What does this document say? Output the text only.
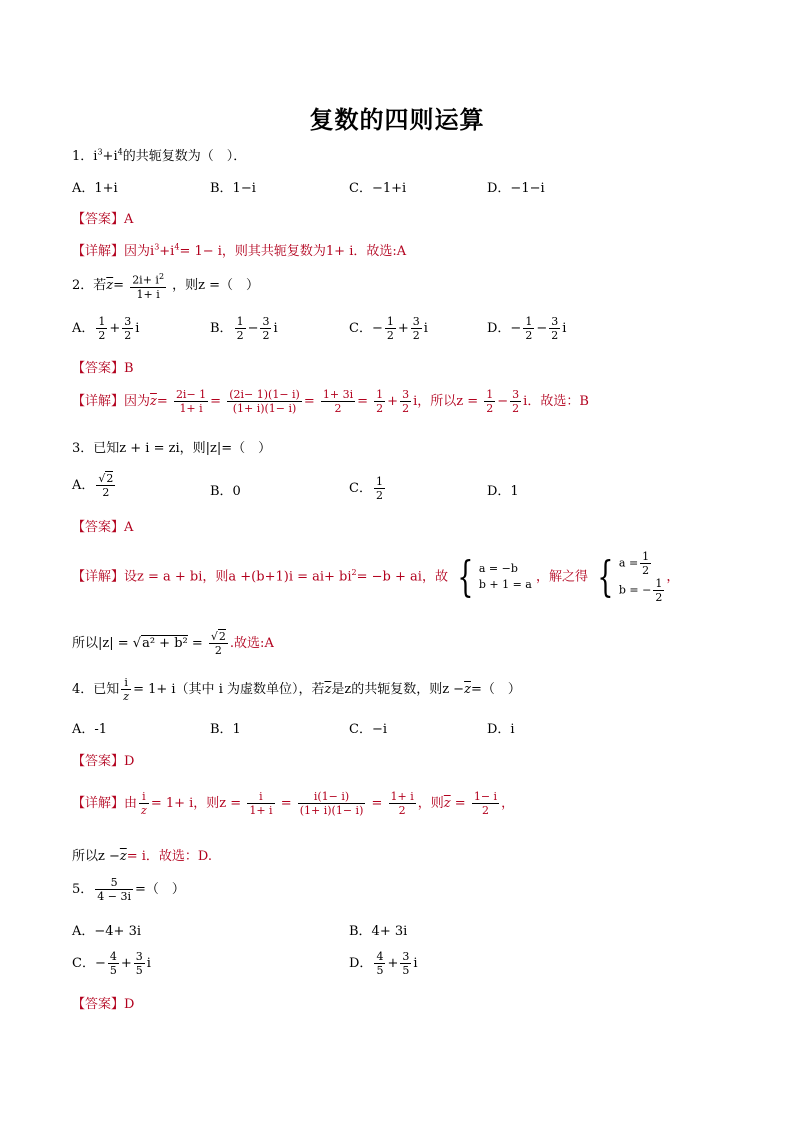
复数的四则运算
1．$i^3+i^4$的共轭复数为（　）．
A．1+i	B．1−i	C．−1+i	D．−1−i
【答案】A
【详解】因为$i^3+i^4= 1- i$，则其共轭复数为1+ i．故选:A
2．若$\overline{z}= \frac{2i+ i^2}{1+ i}$ ，则z =（　）
A． $\frac{1}{2} + \frac{3}{2}$ i	B． $\frac{1}{2} - \frac{3}{2}$ i	C．− $\frac{1}{2} + \frac{3}{2}$ i	D．− $\frac{1}{2} - \frac{3}{2}$ i
【答案】B
【详解】因为$\overline{z}= \frac{2i- 1}{1+ i} = \frac{(2i- 1)(1- i)}{(1+ i)(1- i)} = \frac{1+ 3i}{2} = \frac{1}{2} + \frac{3}{2}$ i，所以$z = \frac{1}{2} - \frac{3}{2}$ i．故选：B
3．已知z + i = zi，则|z|=（　）
A． $\frac{√2}{2}$	B．0	C． $\frac{1}{2}$	D．1
【答案】A
【详解】设z = a + bi，则$a +(b+1)i = ai+ bi^2= -b$ + ai，故 { a = −b
b + 1 = a ，解之得 { $a = \frac{1}{2}$
b = − $\frac{1}{2}$ ，
所以$|z| = √a^2 + b^2 = \frac{√2}{2}$ .故选:A
4．已知 $\frac{i}{z} = 1+ i$（其中 i 为虚数单位），若$\overline{z}$是z的共轭复数，则$z -\overline{z}=$（　）
A．-1	B．1	C．−i	D．i
【答案】D
【详解】由 $\frac{i}{z} = 1+ i$，则$z = \frac{i}{1+ i} = \frac{i(1- i)}{(1+ i)(1- i)} = \frac{1+ i}{2}$ ，则$\overline{z} = \frac{1- i}{2}$ ，
所以$z -\overline{z}= i$．故选：D.
5． $\frac{5}{4 - 3i}$ =（　）
A．−4+ 3i	B．4+ 3i
C．− $\frac{4}{5} + \frac{3}{5}$ i	D． $\frac{4}{5} + \frac{3}{5}$ i
【答案】D
